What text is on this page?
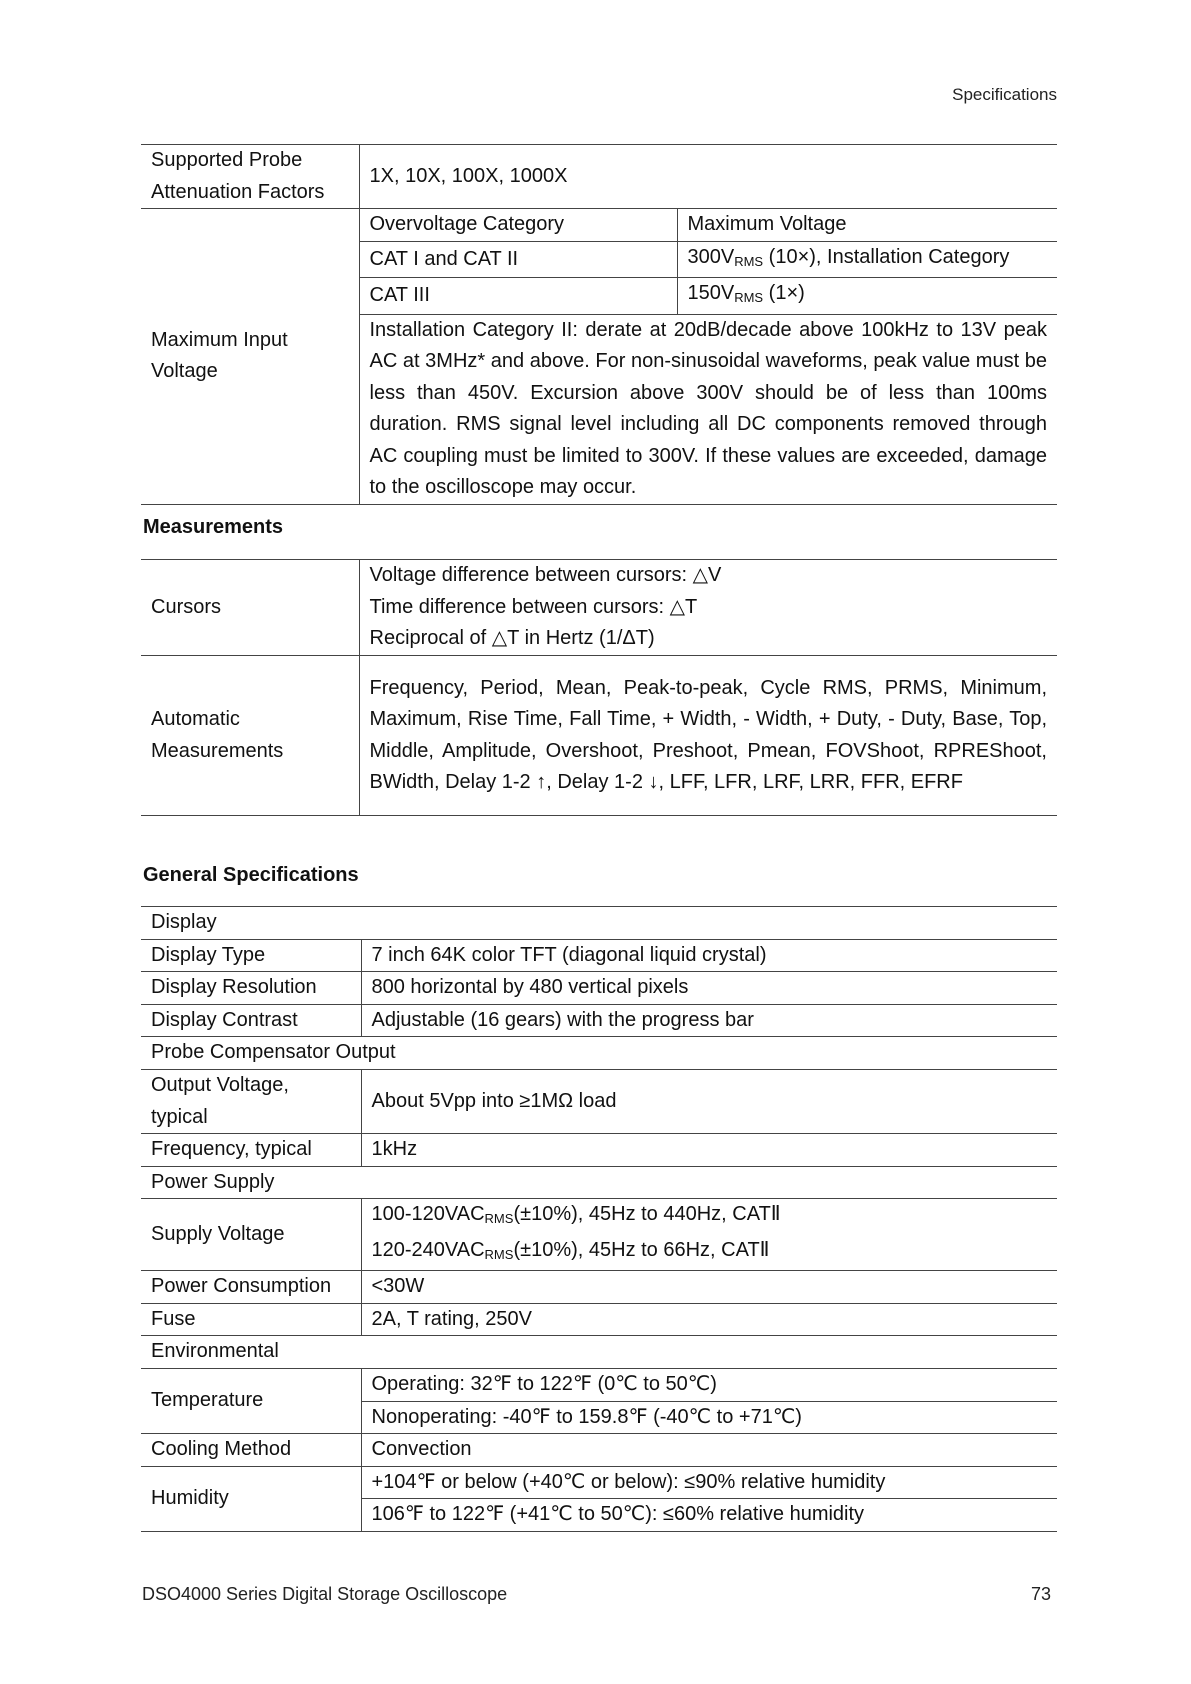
Specifications
Supported Probe
Attenuation Factors	1X, 10X, 100X, 1000X	

Maximum Input
Voltage	Overvoltage Category	Maximum Voltage
	CAT I and CAT II	$300V_{RMS}$ (10×), Installation Category
	CAT III	$150V_{RMS}$ (1×)
	Installation Category II: derate at 20dB/decade above 100kHz to 13V peak AC at 3MHz* and above. For non-sinusoidal waveforms, peak value must be less than 450V. Excursion above 300V should be of less than 100ms duration. RMS signal level including all DC components removed through AC coupling must be limited to 300V. If these values are exceeded, damage to the oscilloscope may occur.	
Measurements
Cursors	Voltage difference between cursors: △V
Time difference between cursors: △T
Reciprocal of △T in Hertz (1/ΔT)

Automatic
Measurements	Frequency, Period, Mean, Peak-to-peak, Cycle RMS, PRMS, Minimum, Maximum, Rise Time, Fall Time, + Width, - Width, + Duty, - Duty, Base, Top, Middle, Amplitude, Overshoot, Preshoot, Pmean, FOVShoot, RPREShoot, BWidth, Delay 1-2 ↑, Delay 1-2 ↓, LFF, LFR, LRF, LRR, FFR, EFRF
General Specifications
Display	
Display Type	7 inch 64K color TFT (diagonal liquid crystal)
Display Resolution	800 horizontal by 480 vertical pixels
Display Contrast	Adjustable (16 gears) with the progress bar
Probe Compensator Output	

Output Voltage,
typical	About 5Vpp into ≥1MΩ load
Frequency, typical	1kHz
Power Supply	
Supply Voltage	$100-120VAC_{RMS}(\pm 10\%)$, 45Hz to 440Hz, CATⅡ
$120-240VAC_{RMS}(\pm 10\%)$, 45Hz to 66Hz, CATⅡ

Power Consumption	<30W
Fuse	2A, T rating, 250V
Environmental	
Temperature	Operating: 32℉ to 122℉ (0℃ to 50℃)
	Nonoperating: -40℉ to 159.8℉ (-40℃ to +71℃)
Cooling Method	Convection
Humidity	+104℉ or below (+40℃ or below): ≤90% relative humidity
	106℉ to 122℉ (+41℃ to 50℃): ≤60% relative humidity
DSO4000 Series Digital Storage Oscilloscope	73
